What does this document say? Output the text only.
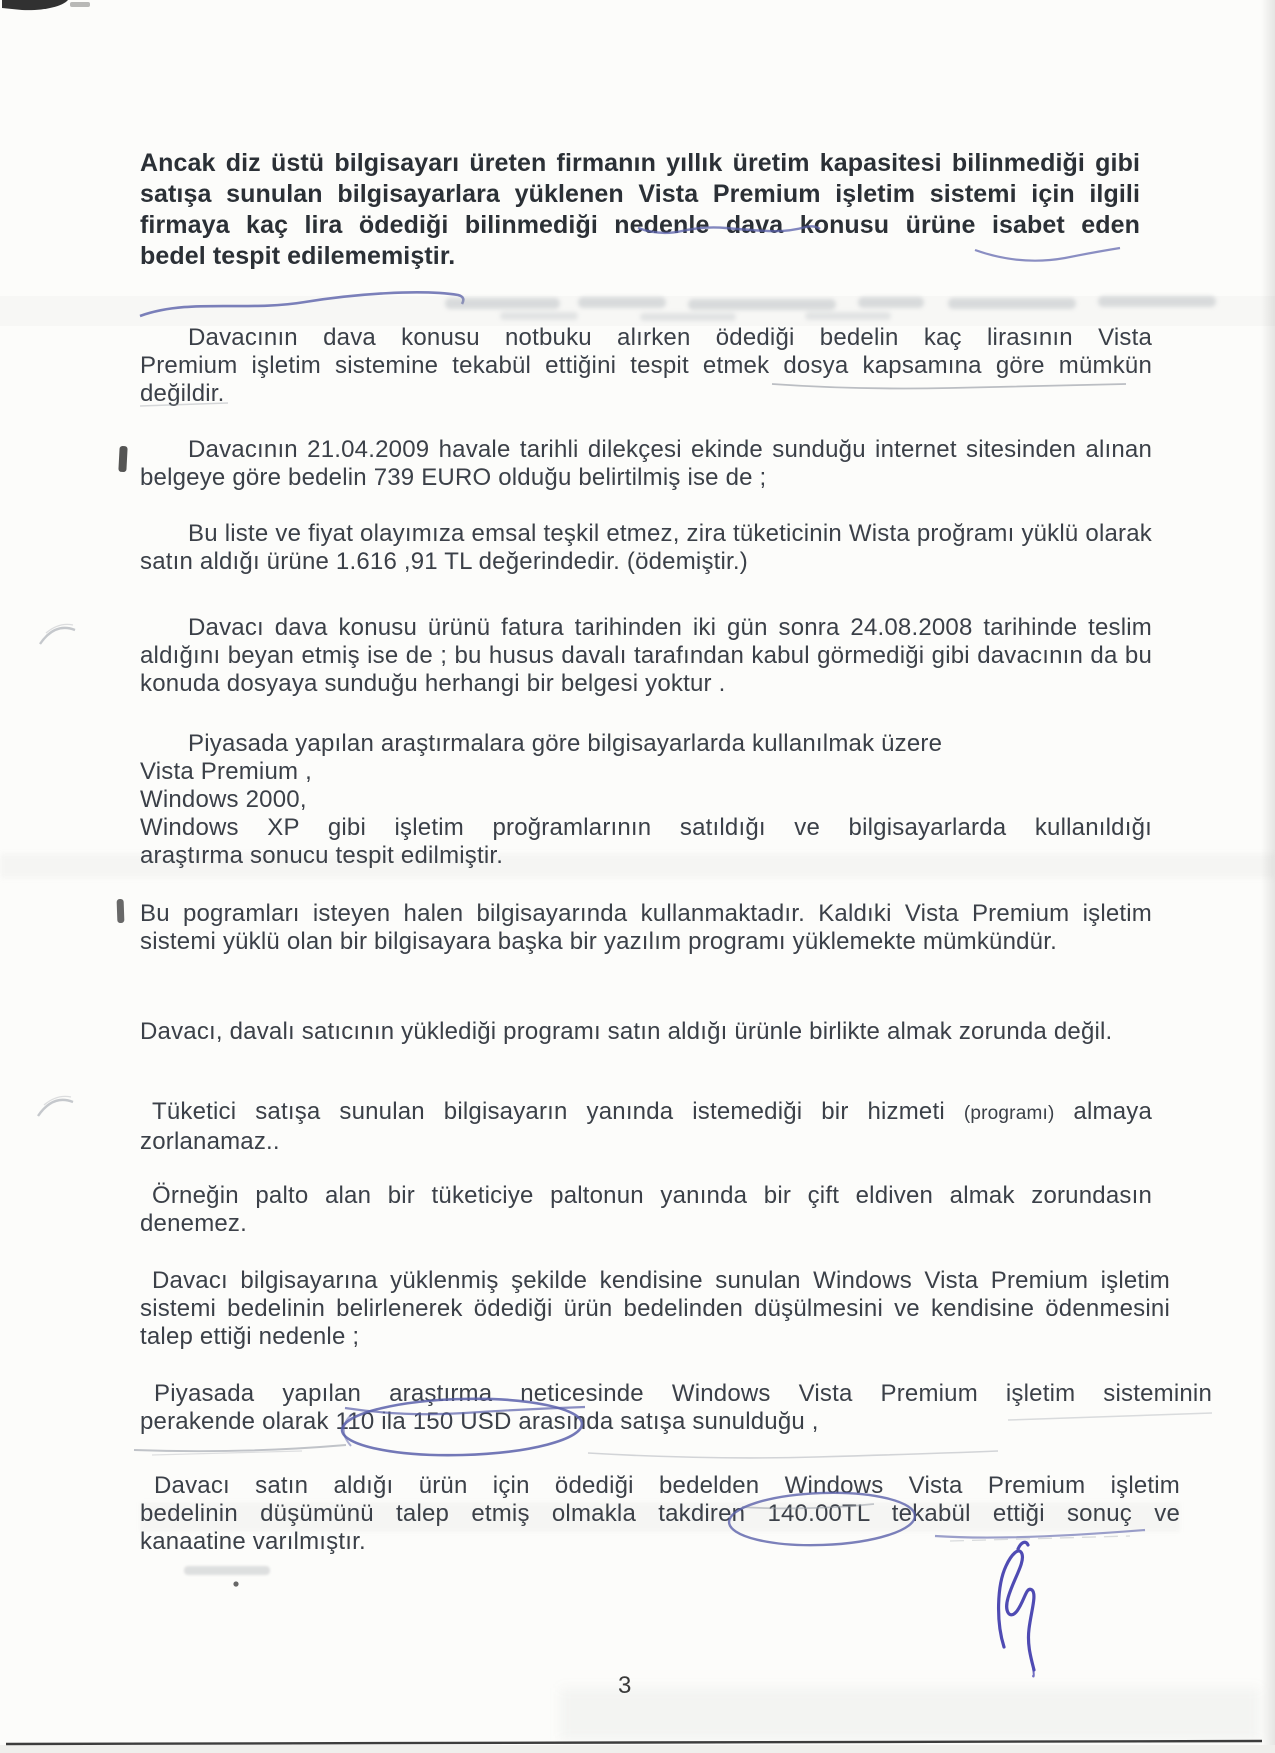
Ancak diz üstü bilgisayarı üreten firmanın yıllık üretim kapasitesi bilinmediği gibi
satışa sunulan bilgisayarlara yüklenen Vista Premium işletim sistemi için ilgili
firmaya kaç lira ödediği bilinmediği nedenle dava konusu ürüne isabet eden
bedel tespit edilememiştir.
Davacının dava konusu notbuku alırken ödediği bedelin kaç lirasının Vista
Premium işletim sistemine tekabül ettiğini tespit etmek dosya kapsamına göre mümkün
değildir.
Davacının 21.04.2009 havale tarihli dilekçesi ekinde sunduğu internet sitesinden alınan belgeye göre bedelin 739 EURO olduğu belirtilmiş ise de ;
Bu liste ve fiyat olayımıza emsal teşkil etmez, zira tüketicinin Wista proğramı yüklü olarak satın aldığı ürüne 1.616 ,91 TL değerindedir. (ödemiştir.)
Davacı dava konusu ürünü fatura tarihinden iki gün sonra 24.08.2008 tarihinde teslim aldığını beyan etmiş ise de ; bu husus davalı tarafından kabul görmediği gibi davacının da bu konuda dosyaya sunduğu herhangi bir belgesi yoktur .
Piyasada yapılan araştırmalara göre bilgisayarlarda kullanılmak üzere
Vista Premium ,
Windows 2000,
Windows XP gibi işletim proğramlarının satıldığı ve bilgisayarlarda kullanıldığı
araştırma sonucu tespit edilmiştir.
Bu pogramları isteyen halen bilgisayarında kullanmaktadır. Kaldıki Vista Premium işletim sistemi yüklü olan bir bilgisayara başka bir yazılım programı yüklemekte mümkündür.
Davacı, davalı satıcının yüklediği programı satın aldığı ürünle birlikte almak zorunda değil.
Tüketici satışa sunulan bilgisayarın yanında istemediği bir hizmeti (programı) almaya zorlanamaz..
Örneğin palto alan bir tüketiciye paltonun yanında bir çift eldiven almak zorundasın denemez.
Davacı bilgisayarına yüklenmiş şekilde kendisine sunulan Windows Vista Premium işletim sistemi bedelinin belirlenerek ödediği ürün bedelinden düşülmesini ve kendisine ödenmesini talep ettiği nedenle ;
Piyasada yapılan araştırma neticesinde Windows Vista Premium işletim sisteminin
perakende olarak 110 ila 150 USD arasında satışa sunulduğu ,
Davacı satın aldığı ürün için ödediği bedelden Windows Vista Premium işletim
bedelinin düşümünü talep etmiş olmakla takdiren 140.00TL tekabül ettiği sonuç ve
kanaatine varılmıştır.
3
